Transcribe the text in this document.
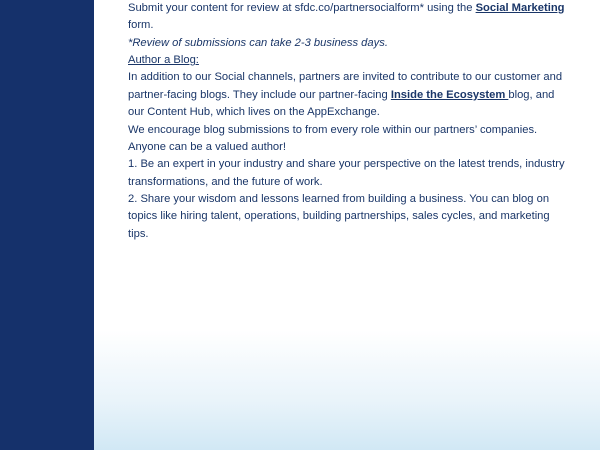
Submit your content for review at sfdc.co/partnersocialform* using the Social Marketing form.

*Review of submissions can take 2-3 business days.

Author a Blog:

In addition to our Social channels, partners are invited to contribute to our customer and partner-facing blogs. They include our partner-facing Inside the Ecosystem blog, and our Content Hub, which lives on the AppExchange.

We encourage blog submissions to from every role within our partners’ companies. Anyone can be a valued author!

1. Be an expert in your industry and share your perspective on the latest trends, industry transformations, and the future of work.

2. Share your wisdom and lessons learned from building a business. You can blog on topics like hiring talent, operations, building partnerships, sales cycles, and marketing tips.
